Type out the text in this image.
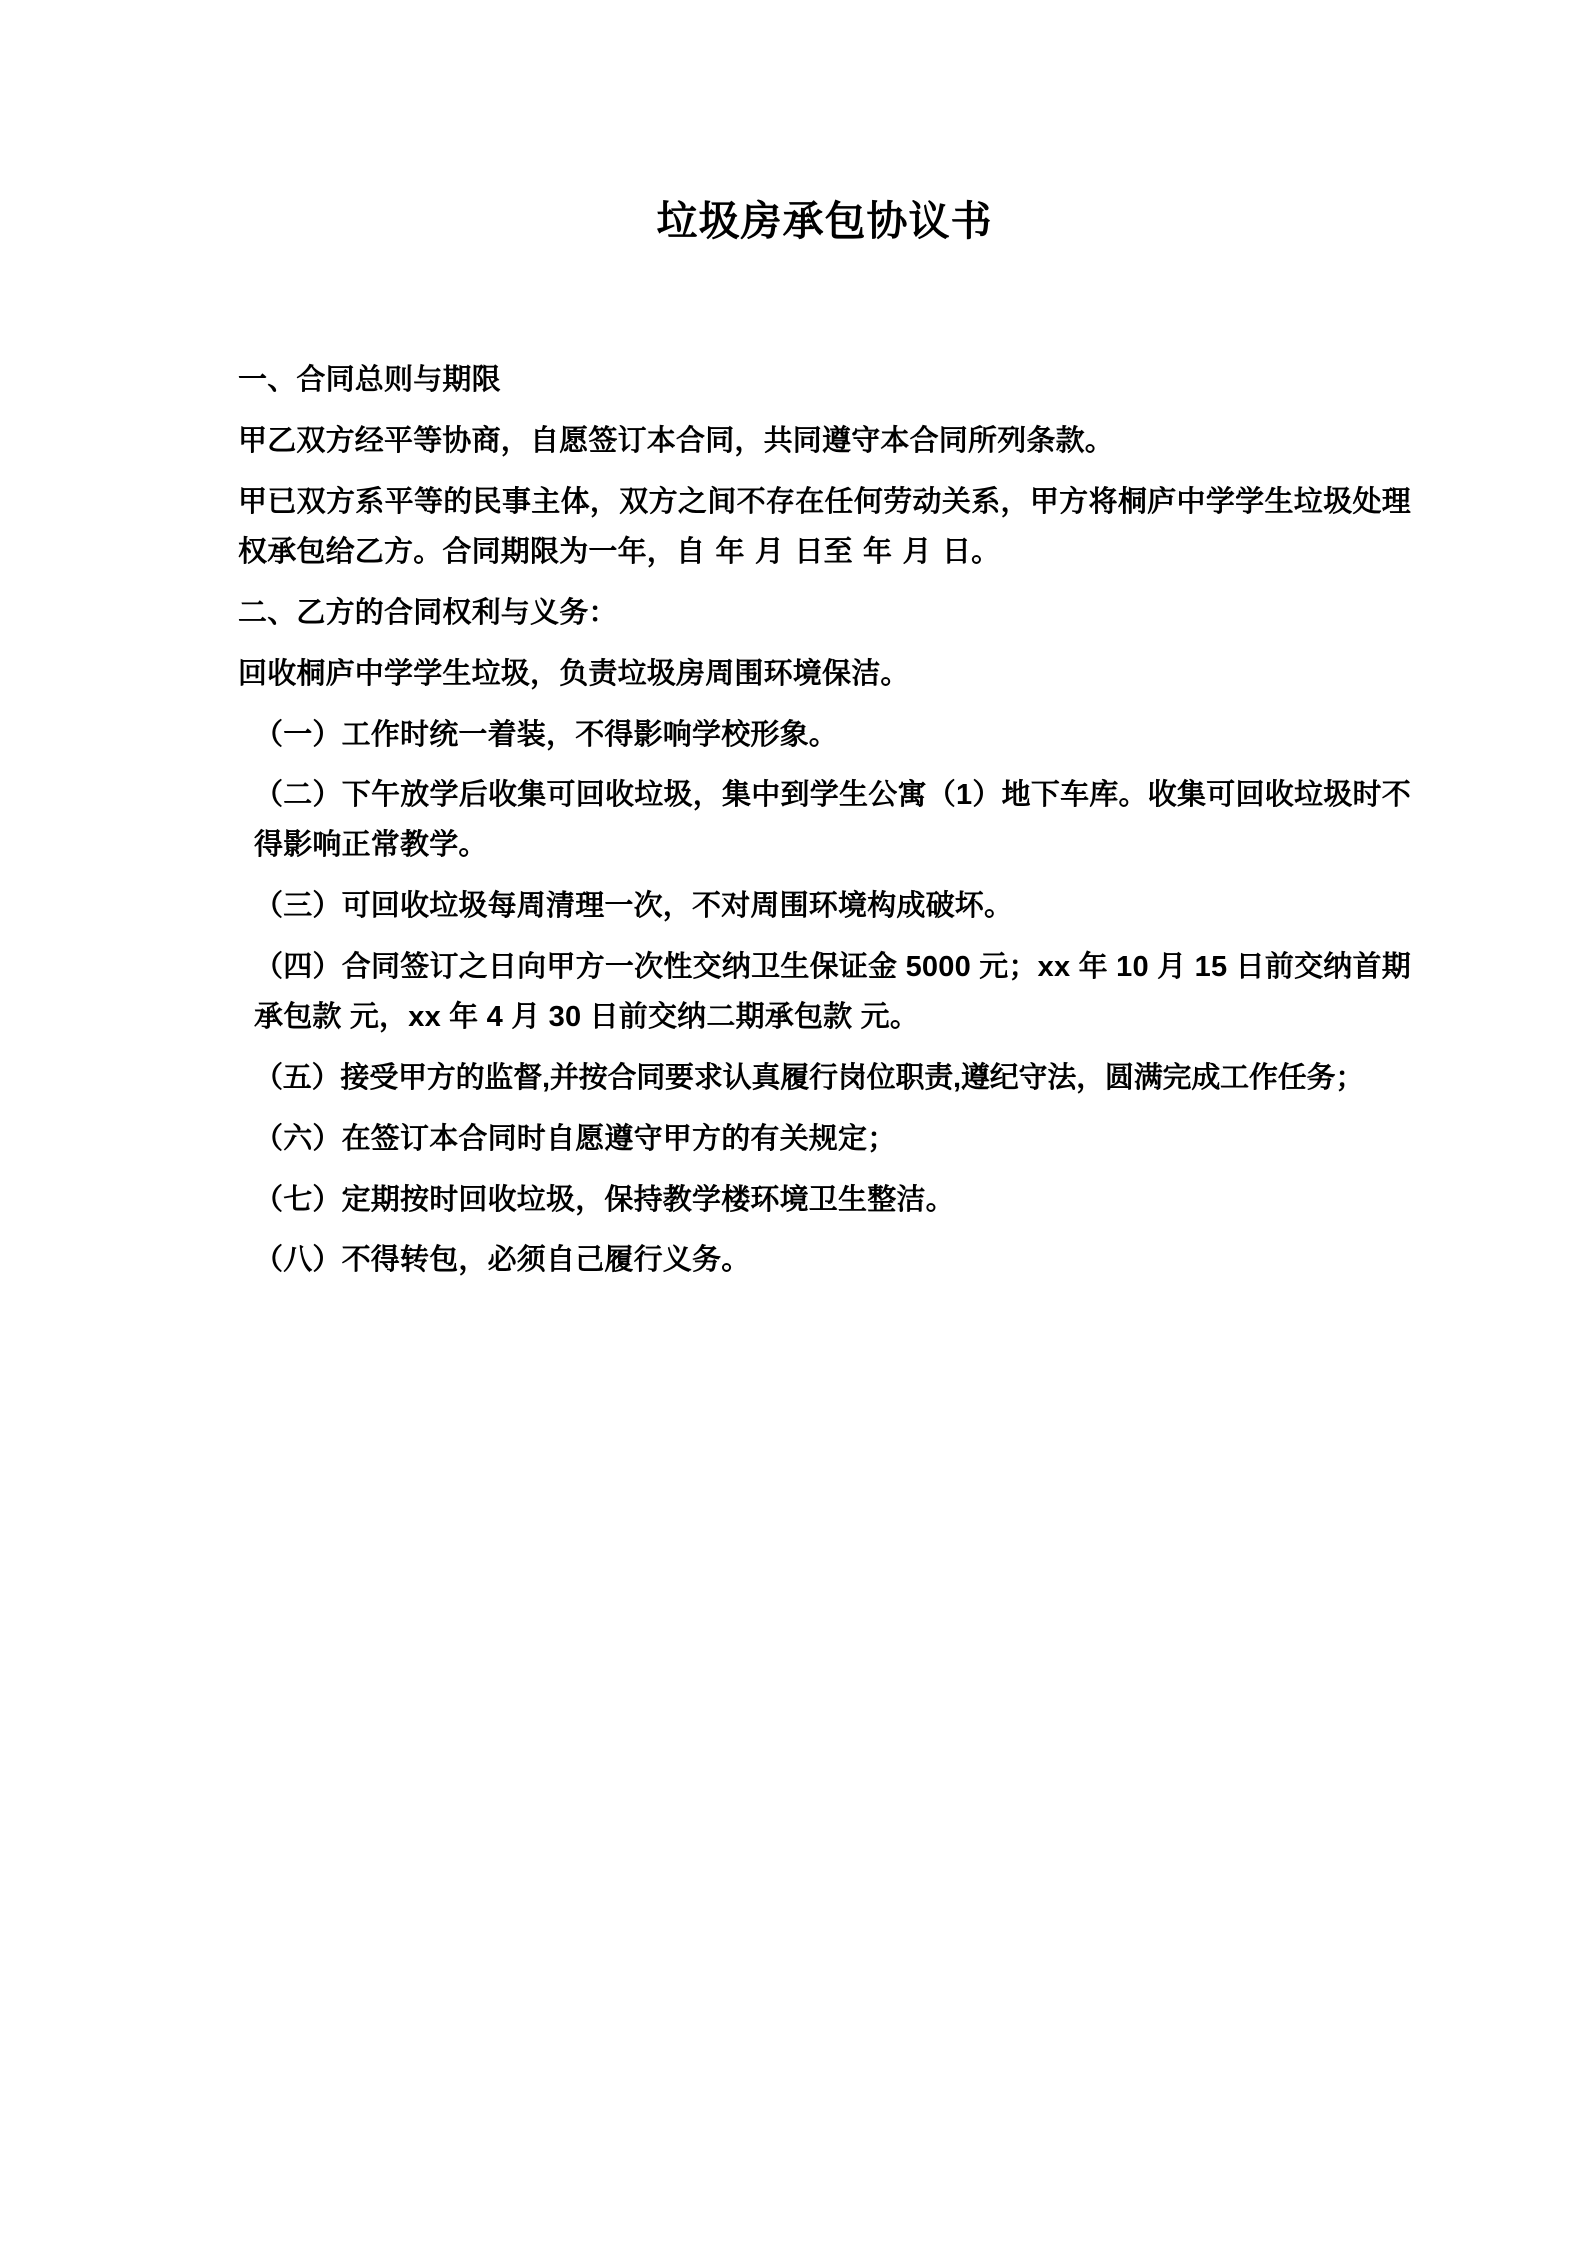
垃圾房承包协议书

一、合同总则与期限

甲乙双方经平等协商，自愿签订本合同，共同遵守本合同所列条款。

甲已双方系平等的民事主体，双方之间不存在任何劳动关系，甲方将桐庐中学学生垃圾处理权承包给乙方。合同期限为一年，自 年 月 日至 年 月 日。

二、乙方的合同权利与义务：

回收桐庐中学学生垃圾，负责垃圾房周围环境保洁。

（一）工作时统一着装，不得影响学校形象。

（二）下午放学后收集可回收垃圾，集中到学生公寓（1）地下车库。收集可回收垃圾时不得影响正常教学。

（三）可回收垃圾每周清理一次，不对周围环境构成破坏。

（四）合同签订之日向甲方一次性交纳卫生保证金 5000 元；xx 年 10 月 15 日前交纳首期承包款 元，xx 年 4 月 30 日前交纳二期承包款 元。

（五）接受甲方的监督,并按合同要求认真履行岗位职责,遵纪守法，圆满完成工作任务；

（六）在签订本合同时自愿遵守甲方的有关规定；

（七）定期按时回收垃圾，保持教学楼环境卫生整洁。

（八）不得转包，必须自己履行义务。
